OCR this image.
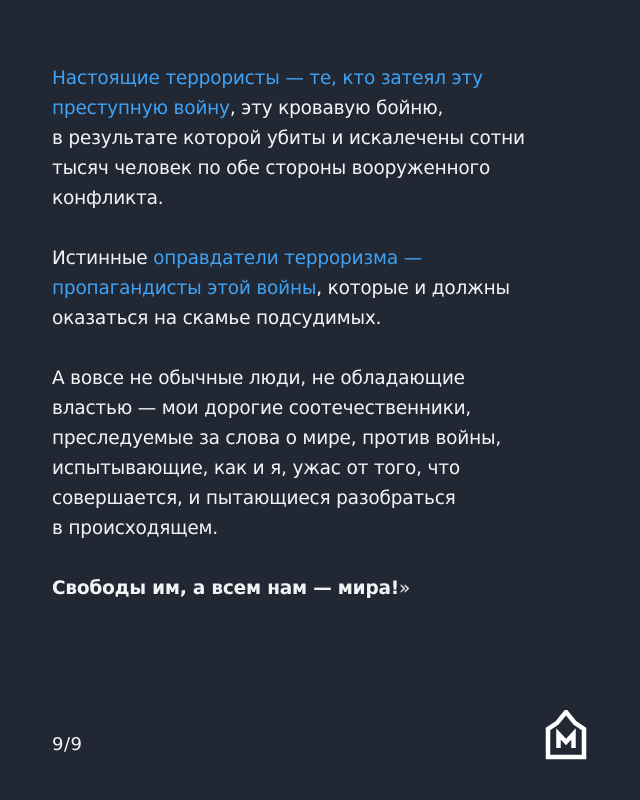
Настоящие террористы — те, кто затеял эту
преступную войну, эту кровавую бойню,
в результате которой убиты и искалечены сотни
тысяч человек по обе стороны вооруженного
конфликта.

Истинные оправдатели терроризма —
пропагандисты этой войны, которые и должны
оказаться на скамье подсудимых.

А вовсе не обычные люди, не обладающие
властью — мои дорогие соотечественники,
преследуемые за слова о мире, против войны,
испытывающие, как и я, ужас от того, что
совершается, и пытающиеся разобраться
в происходящем.

Свободы им, а всем нам — мира!»

9/9
